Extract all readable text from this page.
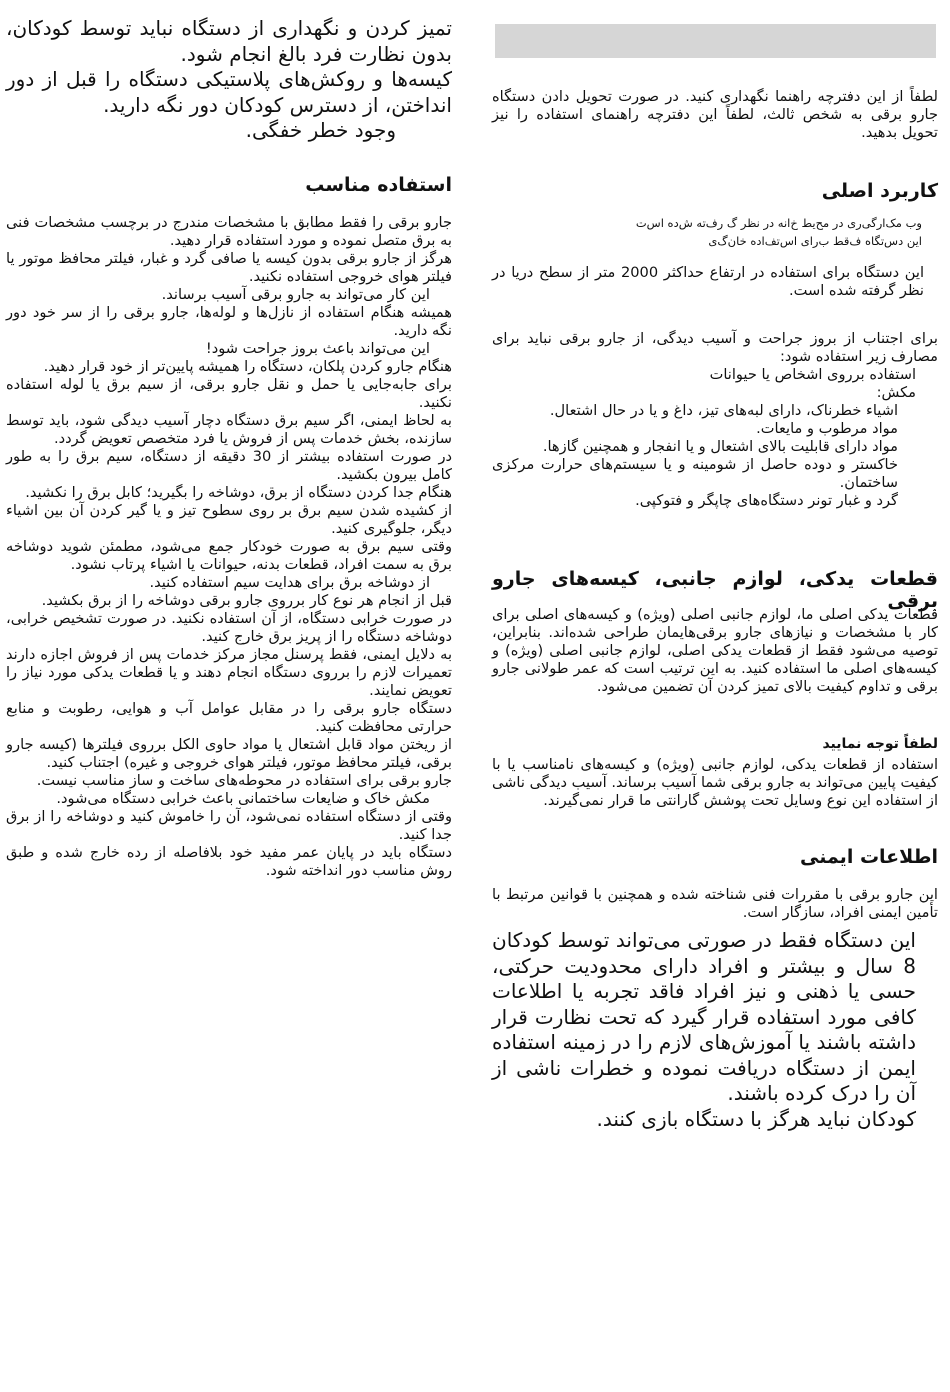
لطفاً از این دفترچه راهنما نگهداری کنید. در صورت تحویل دادن دستگاه جارو برقی به شخص ثالث، لطفاً این دفترچه راهنمای استفاده را نیز تحویل بدهید.

کاربرد اصلی

وب مک‌ارگی‌ری در مح‌یط خ‌انه در نظر گ رف‌ته ش‌ده اس‌ت

این دس‌تگاه ف‌قط ب‌رای اس‌تف‌اده خان‌گ‌ی

این دستگاه برای استفاده در ارتفاع حداکثر 2000 متر از سطح دریا در نظر گرفته شده است.

برای اجتناب از بروز جراحت و آسیب دیدگی، از جارو برقی نباید برای مصارف زیر استفاده شود:

استفاده برروی اشخاص یا حیوانات

مکش:

اشیاء خطرناک، دارای لبه‌های تیز، داغ و یا در حال اشتعال.

مواد مرطوب و مایعات.

مواد دارای قابلیت بالای اشتعال و یا انفجار و همچنین گازها.

خاکستر و دوده حاصل از شومینه و یا سیستم‌های حرارت مرکزی ساختمان.

گرد و غبار تونر دستگاه‌های چاپگر و فتوکپی.

قطعات یدکی، لوازم جانبی، کیسه‌های جارو برقی

قطعات یدکی اصلی ما، لوازم جانبی اصلی (ویژه) و کیسه‌های اصلی برای کار با مشخصات و نیازهای جارو برقی‌هایمان طراحی شده‌اند. بنابراین، توصیه می‌شود فقط از قطعات یدکی اصلی، لوازم جانبی اصلی (ویژه) و کیسه‌های اصلی ما استفاده کنید. به این ترتیب است که عمر طولانی جارو برقی و تداوم کیفیت بالای تمیز کردن آن تضمین می‌شود.

لطفاً توجه نمایید

استفاده از قطعات یدکی، لوازم جانبی (ویژه) و کیسه‌های نامناسب یا با کیفیت پایین می‌تواند به جارو برقی شما آسیب برساند. آسیب دیدگی ناشی از استفاده این نوع وسایل تحت پوشش گارانتی ما قرار نمی‌گیرند.

اطلاعات ایمنی

این جارو برقی با مقررات فنی شناخته شده و همچنین با قوانین مرتبط با تأمین ایمنی افراد، سازگار است.

این دستگاه فقط در صورتی می‌تواند توسط کودکان 8 سال و بیشتر و افراد دارای محدودیت حرکتی، حسی یا ذهنی و نیز افراد فاقد تجربه یا اطلاعات کافی مورد استفاده قرار گیرد که تحت نظارت قرار داشته باشند یا آموزش‌های لازم را در زمینه استفاده ایمن از دستگاه دریافت نموده و خطرات ناشی از آن را درک کرده باشند.

کودکان نباید هرگز با دستگاه بازی کنند.

تمیز کردن و نگهداری از دستگاه نباید توسط کودکان، بدون نظارت فرد بالغ انجام شود.

کیسه‌ها و روکش‌های پلاستیکی دستگاه را قبل از دور انداختن، از دسترس کودکان دور نگه دارید.

وجود خطر خفگی.

استفاده مناسب

جارو برقی را فقط مطابق با مشخصات مندرج در برچسب مشخصات فنی به برق متصل نموده و مورد استفاده قرار دهید.

هرگز از جارو برقی بدون کیسه یا صافی گرد و غبار، فیلتر محافظ موتور یا فیلتر هوای خروجی استفاده نکنید.

این کار می‌تواند به جارو برقی آسیب برساند.

همیشه هنگام استفاده از نازل‌ها و لوله‌ها، جارو برقی را از سر خود دور نگه دارید.

این می‌تواند باعث بروز جراحت شود!

هنگام جارو کردن پلکان، دستگاه را همیشه پایین‌تر از خود قرار دهید.

برای جابه‌جایی یا حمل و نقل جارو برقی، از سیم برق یا لوله استفاده نکنید.

به لحاظ ایمنی، اگر سیم برق دستگاه دچار آسیب دیدگی شود، باید توسط سازنده، بخش خدمات پس از فروش یا فرد متخصص تعویض گردد.

در صورت استفاده بیشتر از 30 دقیقه از دستگاه، سیم برق را به طور کامل بیرون بکشید.

هنگام جدا کردن دستگاه از برق، دوشاخه را بگیرید؛ کابل برق را نکشید.

از کشیده شدن سیم برق بر روی سطوح تیز و یا گیر کردن آن بین اشیاء دیگر، جلوگیری کنید.

وقتی سیم برق به صورت خودکار جمع می‌شود، مطمئن شوید دوشاخه برق به سمت افراد، قطعات بدنه، حیوانات یا اشیاء پرتاب نشود.

از دوشاخه برق برای هدایت سیم استفاده کنید.

قبل از انجام هر نوع کار برروی جارو برقی دوشاخه را از برق بکشید.

در صورت خرابی دستگاه، از آن استفاده نکنید. در صورت تشخیص خرابی، دوشاخه دستگاه را از پریز برق خارج کنید.

به دلایل ایمنی، فقط پرسنل مجاز مرکز خدمات پس از فروش اجازه دارند تعمیرات لازم را برروی دستگاه انجام دهند و یا قطعات یدکی مورد نیاز را تعویض نمایند.

دستگاه جارو برقی را در مقابل عوامل آب و هوایی، رطوبت و منابع حرارتی محافظت کنید.

از ریختن مواد قابل اشتعال یا مواد حاوی الکل برروی فیلترها (کیسه جارو برقی، فیلتر محافظ موتور، فیلتر هوای خروجی و غیره) اجتناب کنید.

جارو برقی برای استفاده در محوطه‌های ساخت و ساز مناسب نیست.

مکش خاک و ضایعات ساختمانی باعث خرابی دستگاه می‌شود.

وقتی از دستگاه استفاده نمی‌شود، آن را خاموش کنید و دوشاخه را از برق جدا کنید.

دستگاه باید در پایان عمر مفید خود بلافاصله از رده خارج شده و طبق روش مناسب دور انداخته شود.
